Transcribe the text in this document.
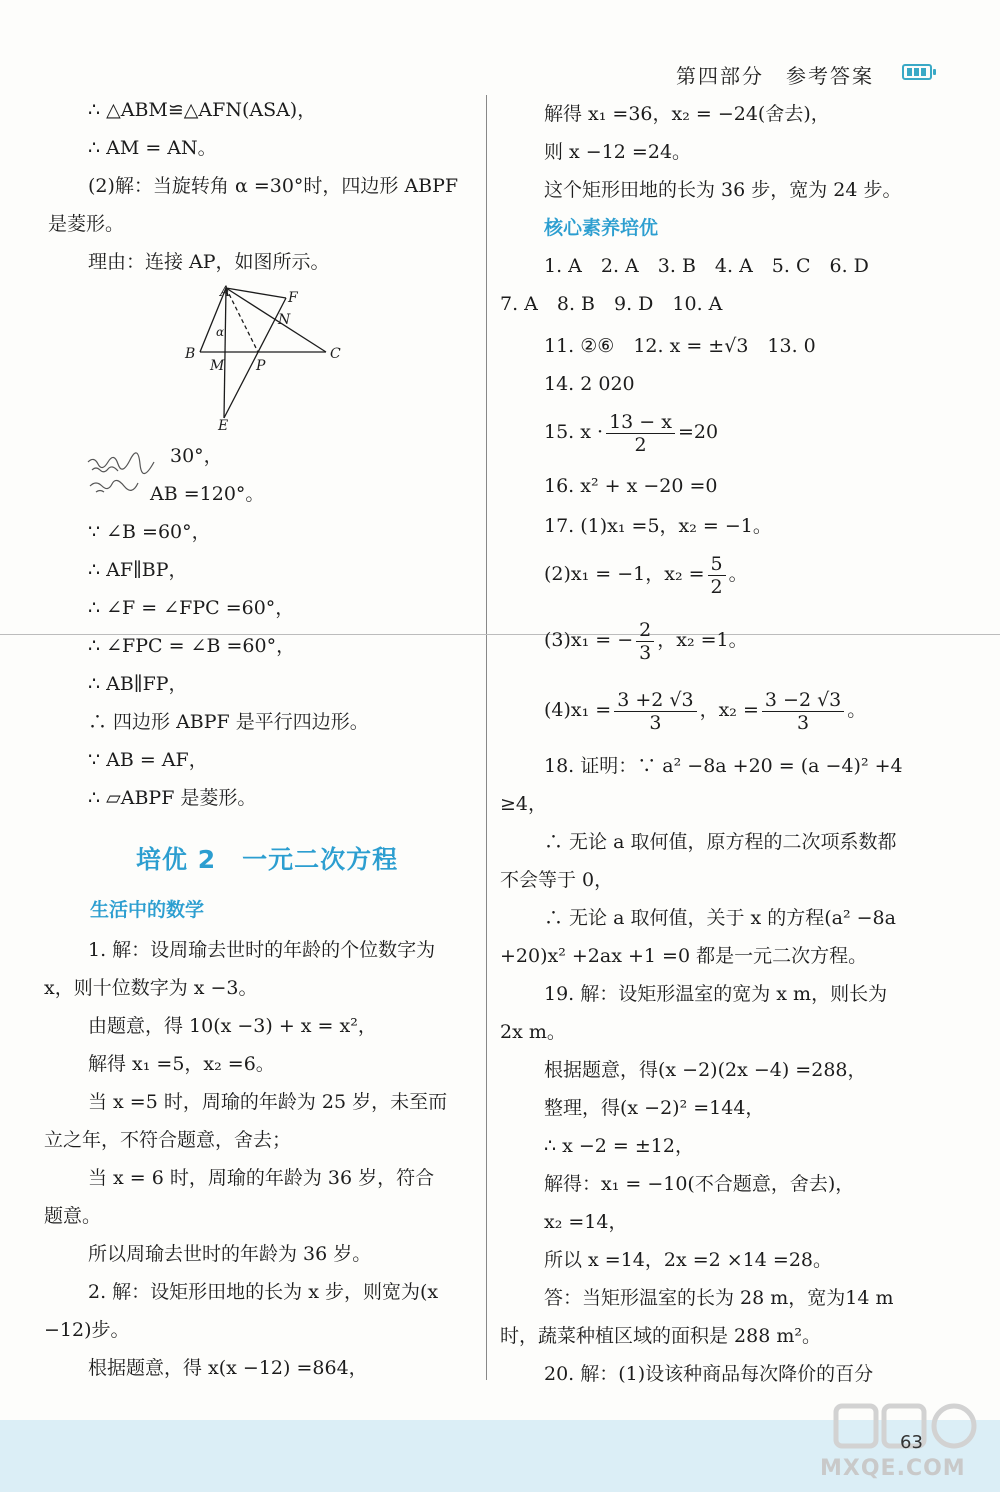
第四部分　参考答案
∴ △ABM≌△AFN(ASA)，
∴ AM = AN。
(2)解：当旋转角 α =30°时，四边形 ABPF
是菱形。
理由：连接 AP，如图所示。
A	F
N
α
B
M P
C
E
30°，
AB =120°。
∵ ∠B =60°，
∴ AF∥BP，
∴ ∠F = ∠FPC =60°，
∴ ∠FPC = ∠B =60°，
∴ AB∥FP，
∴ 四边形 ABPF 是平行四边形。
∵ AB = AF，
∴ ▱ABPF 是菱形。
培优 2　一元二次方程
生活中的数学
1. 解：设周瑜去世时的年龄的个位数字为
x，则十位数字为 x −3。
由题意，得 10(x −3) + x = x²，
解得 x₁ =5，x₂ =6。
当 x =5 时，周瑜的年龄为 25 岁，未至而
立之年，不符合题意，舍去；
当 x = 6 时，周瑜的年龄为 36 岁，符合
题意。
所以周瑜去世时的年龄为 36 岁。
2. 解：设矩形田地的长为 x 步，则宽为(x
−12)步。
根据题意，得 x(x −12) =864，
解得 x₁ =36，x₂ = −24(舍去)，
则 x −12 =24。
这个矩形田地的长为 36 步，宽为 24 步。
核心素养培优
1. A　2. A　3. B　4. A　5. C　6. D
7. A　8. B　9. D　10. A
11. ②⑥　12. x = ±√3　13. 0
14. 2 020
15. $x \cdot \frac{13 - x}{2} =20$
16. x² + x −20 =0
17. (1)x₁ =5，x₂ = −1。
(2)x₁ = −1，$x_2 = \frac{5}{2}$ 。
(3)x₁ = − $\frac{2}{3}$ ，x₂ =1。
$(4)x_1 = \frac{3 +2 √3}{3}$ ，$x_2 = \frac{3 -2 √3}{3}$ 。
18. 证明：∵ a² −8a +20 = (a −4)² +4
≥4，
∴ 无论 a 取何值，原方程的二次项系数都
不会等于 0，
∴ 无论 a 取何值，关于 x 的方程(a² −8a
+20)x² +2ax +1 =0 都是一元二次方程。
19. 解：设矩形温室的宽为 x m，则长为
2x m。
根据题意，得(x −2)(2x −4) =288，
整理，得(x −2)² =144，
∴ x −2 = ±12，
解得：x₁ = −10(不合题意，舍去)，
x₂ =14，
所以 x =14，2x =2 ×14 =28。
答：当矩形温室的长为 28 m，宽为14 m
时，蔬菜种植区域的面积是 288 m²。
20. 解：(1)设该种商品每次降价的百分
63
MXQE.COM
